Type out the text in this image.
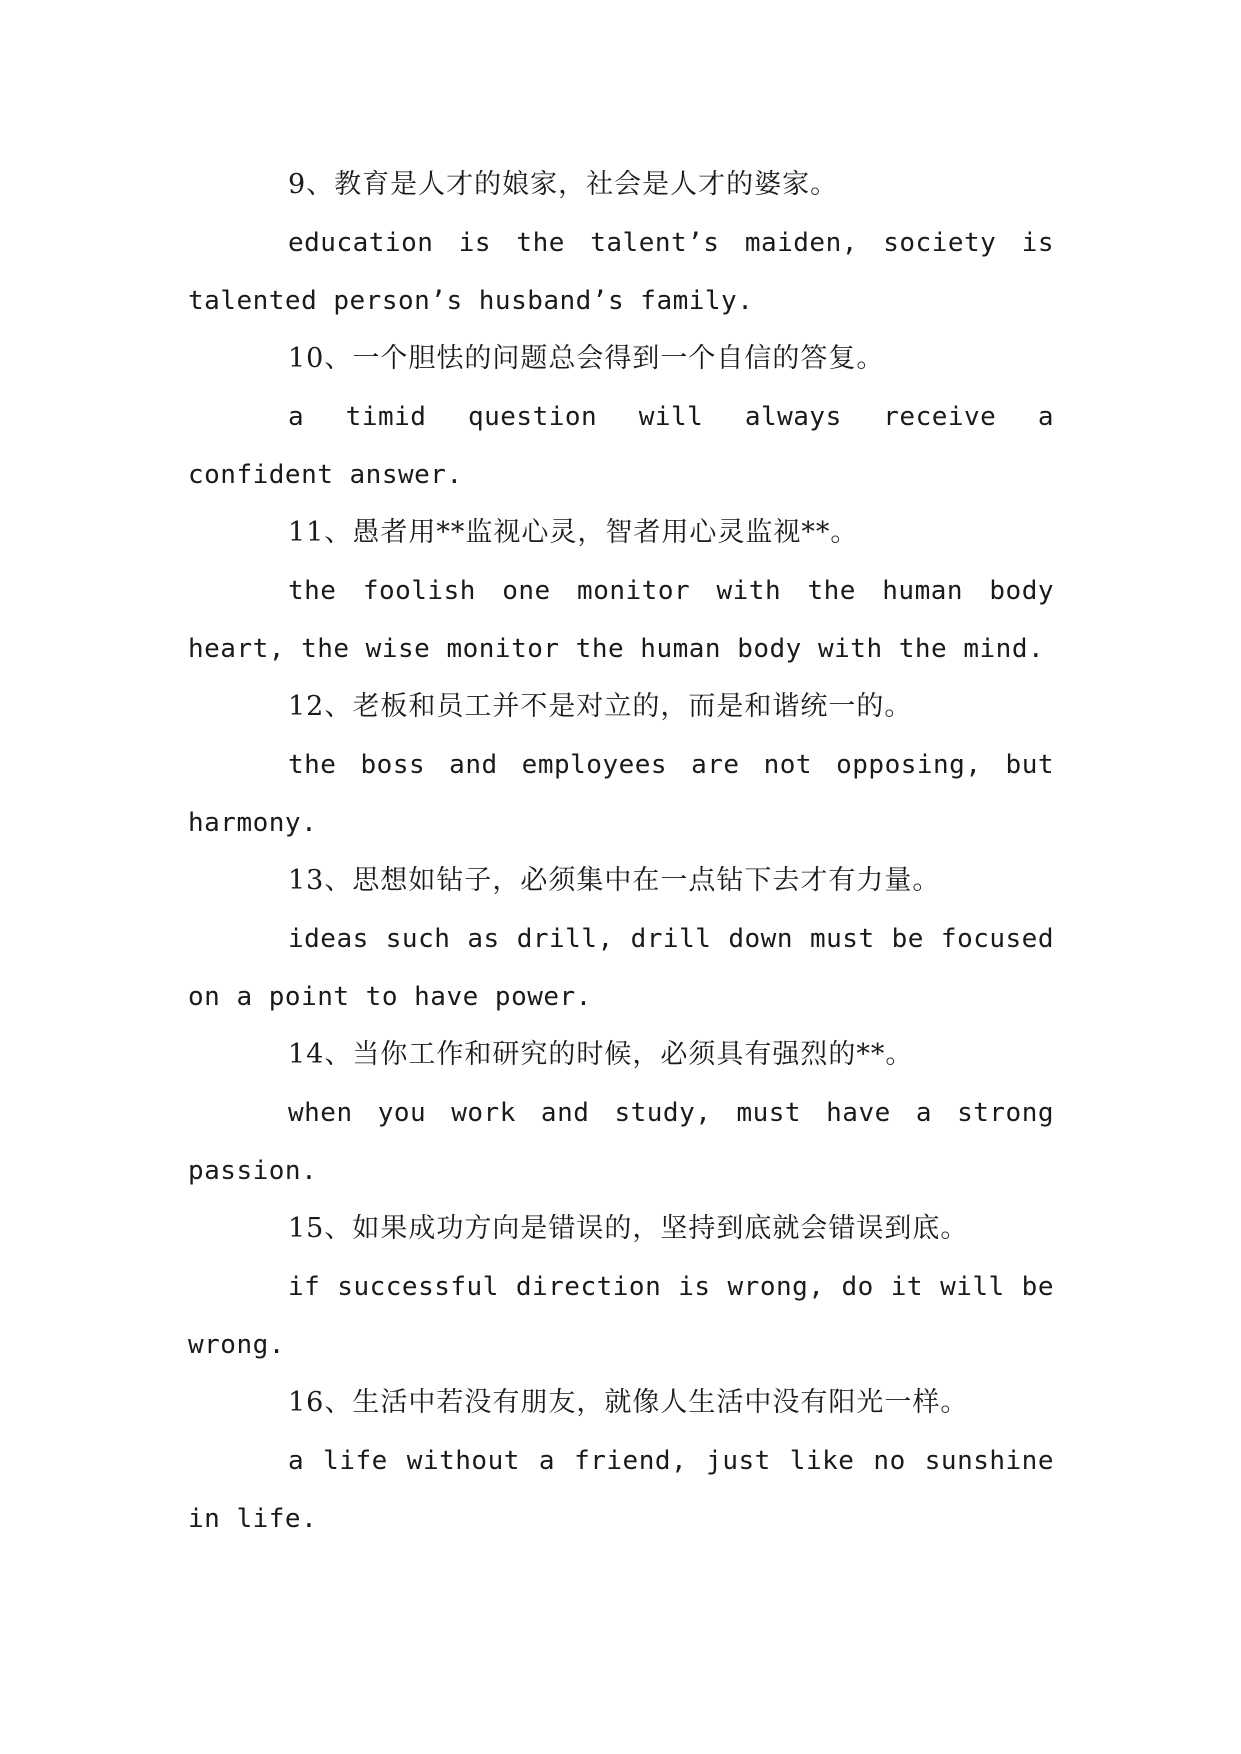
9、教育是人才的娘家，社会是人才的婆家。

education is the talent’s maiden, society is talented person’s husband’s family.

10、一个胆怯的问题总会得到一个自信的答复。

a timid question will always receive a confident answer.

11、愚者用**监视心灵，智者用心灵监视**。

the foolish one monitor with the human body heart, the wise monitor the human body with the mind.

12、老板和员工并不是对立的，而是和谐统一的。

the boss and employees are not opposing, but harmony.

13、思想如钻子，必须集中在一点钻下去才有力量。

ideas such as drill, drill down must be focused on a point to have power.

14、当你工作和研究的时候，必须具有强烈的**。

when you work and study, must have a strong passion.

15、如果成功方向是错误的，坚持到底就会错误到底。

if successful direction is wrong, do it will be wrong.

16、生活中若没有朋友，就像人生活中没有阳光一样。

a life without a friend, just like no sunshine in life.
